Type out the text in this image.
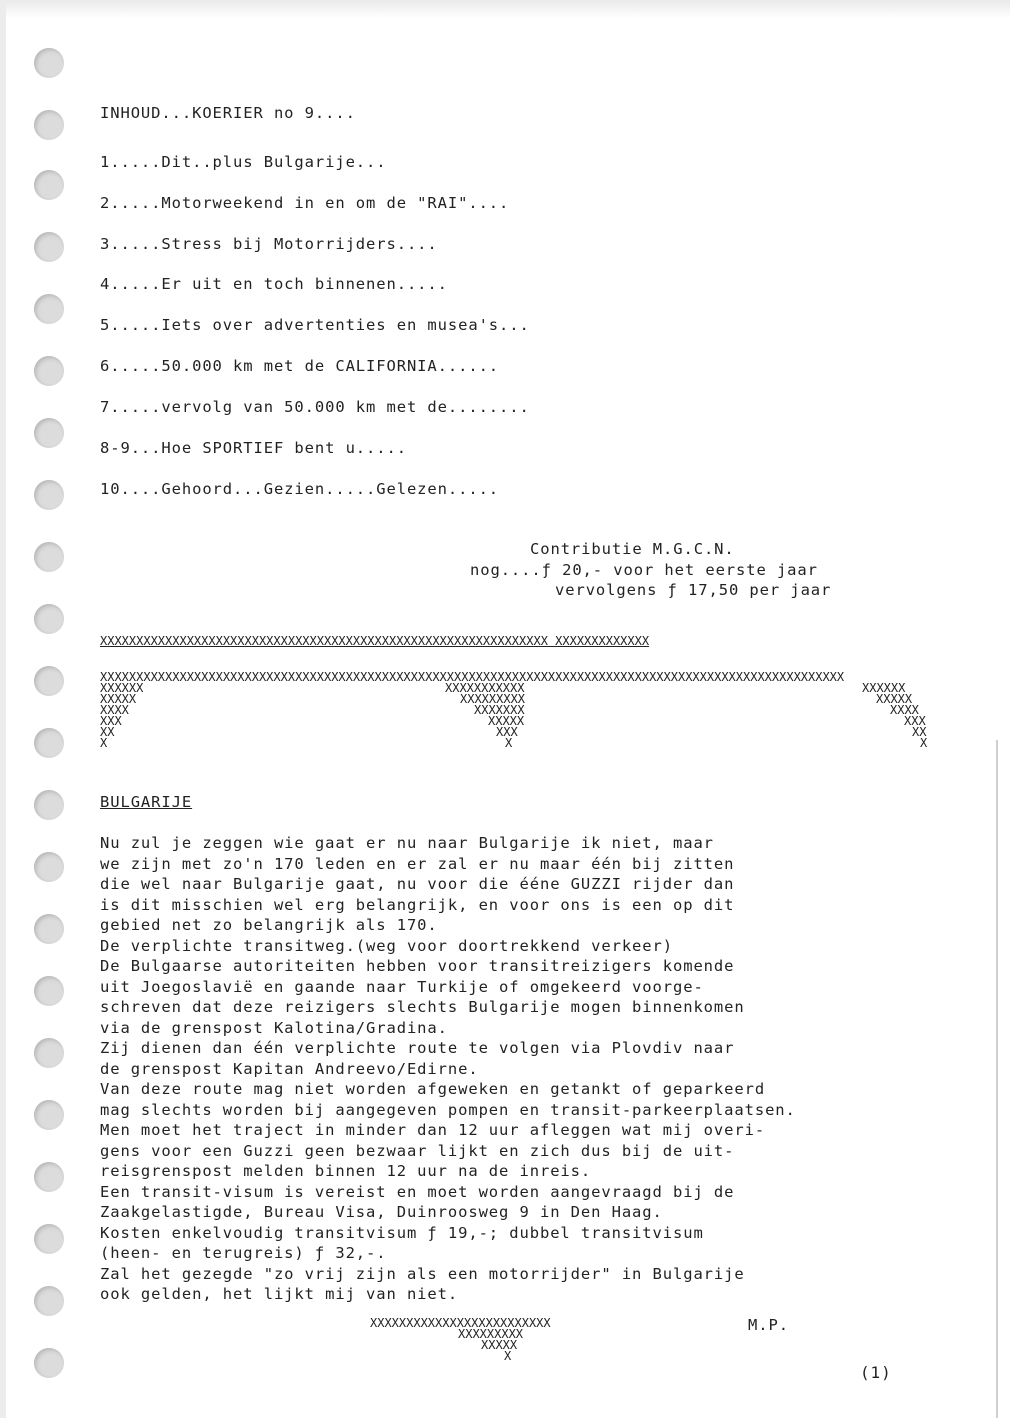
IN​HOUD...KOERIER no 9....
1.....Dit..plus Bulgarije...
2.....Motorweekend in en om de "RAI"....
3.....Stress bij Motorrijders....
4.....Er uit en toch binnenen.....
5.....Iets over advertenties en musea's...
6.....50.000 km met de CALIFORNIA......
7.....vervolg van 50.000 km met de........
8-9...Hoe SPORTIEF bent u.....
10....Gehoord...Gezien.....Gelezen.....
Contributie M.G.C.N.
nog....ƒ 20,- voor het eerste jaar
vervolgens ƒ 17,50 per jaar
XXXXXXXXXXXXXXXXXXXXXXXXXXXXXXXXXXXXXXXXXXXXXXXXXXXXXXXXXXXXXX XXXXXXXXXXXXX
XXXXXXXXXXXXXXXXXXXXXXXXXXXXXXXXXXXXXXXXXXXXXXXXXXXXXXXXXXXXXXXXXXXXXXXXXXXXXXXXXXXXXXXXXXXXXXXXXXXXXXX
XXXXXX
XXXXX
XXXX
XXX
XX
X
XXXXXXXXXXX
XXXXXXXXX
XXXXXXX
XXXXX
XXX
X
XXXXXX
XXXXX
XXXX
XXX
XX
X
BULGARIJE
Nu zul je zeggen wie gaat er nu naar Bulgarije ik niet, maar
we zijn met zo'n 170 leden en er zal er nu maar één bij zitten
die wel naar Bulgarije gaat, nu voor die ééne GUZZI rijder dan
is dit misschien wel erg belangrijk, en voor ons is een op dit
gebied net zo belangrijk als 170.
De verplichte transitweg.(weg voor doortrekkend verkeer)
De Bulgaarse autoriteiten hebben voor transitreizigers komende
uit Joegoslavië en gaande naar Turkije of omgekeerd voorge-
schreven dat deze reizigers slechts Bulgarije mogen binnenkomen
via de grenspost Kalotina/Gradina.
Zij dienen dan één verplichte route te volgen via Plovdiv naar
de grenspost Kapitan Andreevo/Edirne.
Van deze route mag niet worden afgeweken en getankt of geparkeerd
mag slechts worden bij aangegeven pompen en transit-parkeerplaatsen.
Men moet het traject in minder dan 12 uur afleggen wat mij overi-
gens voor een Guzzi geen bezwaar lijkt en zich dus bij de uit-
reisgrenspost melden binnen 12 uur na de inreis.
Een transit-visum is vereist en moet worden aangevraagd bij de
Zaakgelastigde, Bureau Visa, Duinroosweg 9 in Den Haag.
Kosten enkelvoudig transitvisum ƒ 19,-; dubbel transitvisum
(heen- en terugreis) ƒ 32,-.
Zal het gezegde "zo vrij zijn als een motorrijder" in Bulgarije
ook gelden, het lijkt mij van niet.
XXXXXXXXXXXXXXXXXXXXXXXXX
XXXXXXXXX
XXXXX
X
M.P.
(1)
